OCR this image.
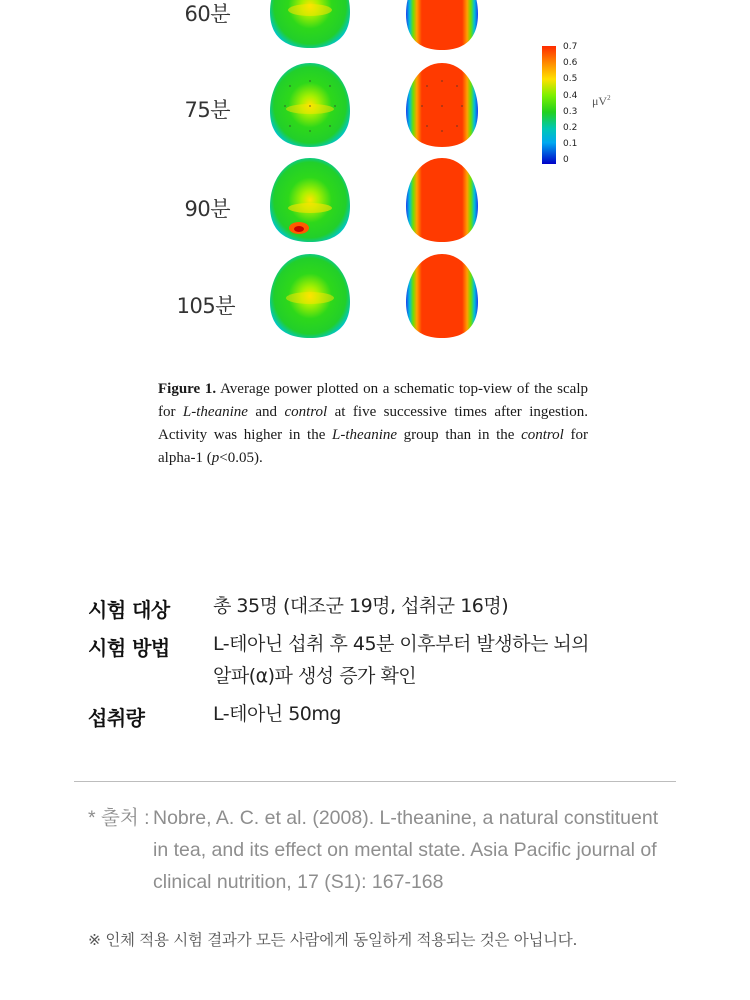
60분
75분
90분
105분
0.7
0.6
0.5
0.4
0.3
0.2
0.1
0
$\mu V^2$
Figure 1. Average power plotted on a schematic top-view of the scalp for L-theanine and control at five successive times after ingestion. Activity was higher in the L-theanine group than in the control for alpha-1 (p<0.05).
시험 대상 총 35명 (대조군 19명, 섭취군 16명)
시험 방법 L-테아닌 섭취 후 45분 이후부터 발생하는 뇌의
알파(α)파 생성 증가 확인
섭취량	L-테아닌 50mg
* 출처 : Nobre, A. C. et al. (2008). L-theanine, a natural constituent
in tea, and its effect on mental state. Asia Pacific journal of
clinical nutrition, 17 (S1): 167-168
※ 인체 적용 시험 결과가 모든 사람에게 동일하게 적용되는 것은 아닙니다.
